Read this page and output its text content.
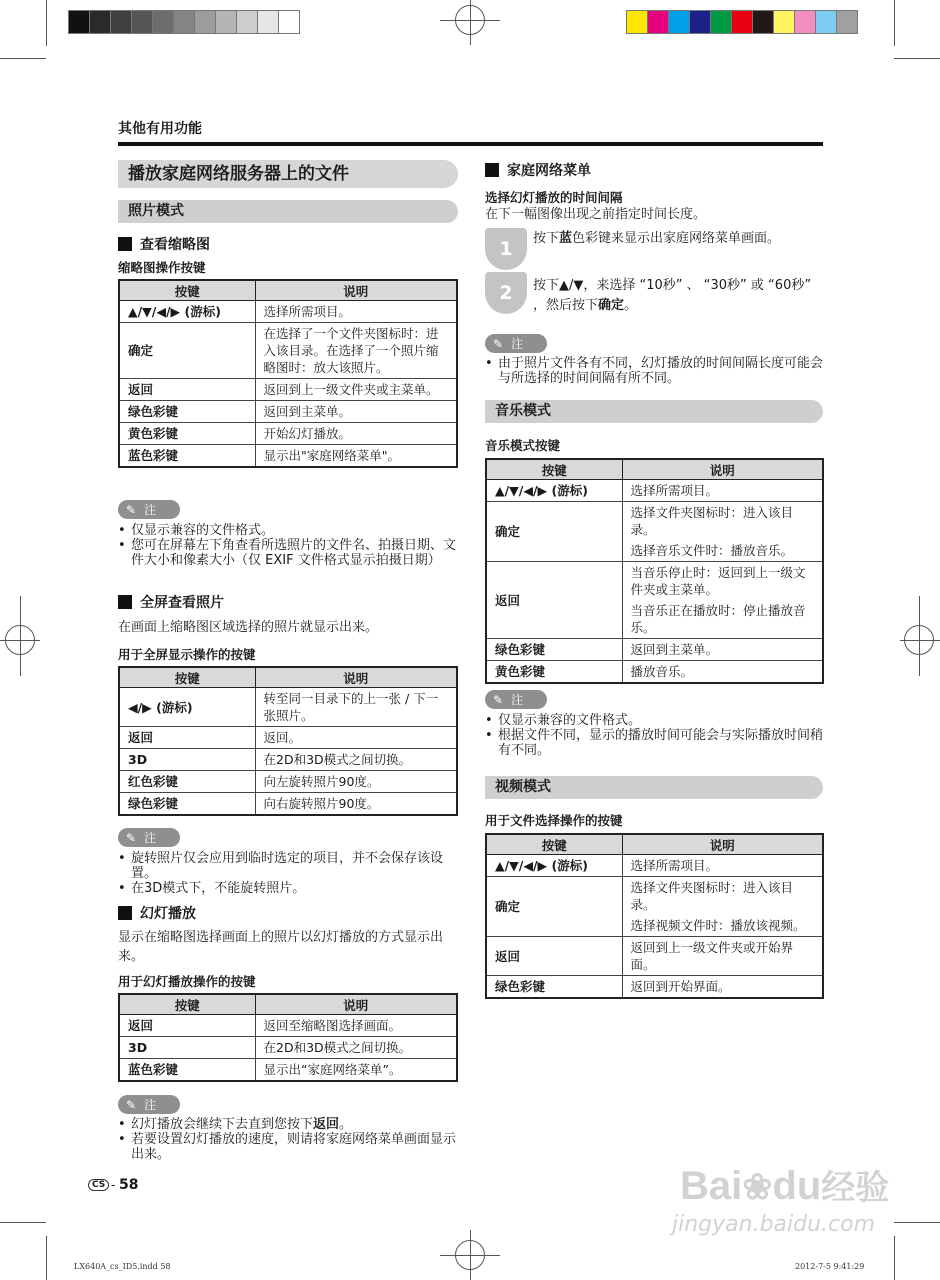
其他有用功能
播放家庭网络服务器上的文件
照片模式
查看缩略图
缩略图操作按键
按键	说明
▲/▼/◀/▶ (游标)	选择所需项目。
确定	在选择了一个文件夹图标时：进入该目录。在选择了一个照片缩略图时：放大该照片。
返回	返回到上一级文件夹或主菜单。
绿色彩键	返回到主菜单。
黄色彩键	开始幻灯播放。
蓝色彩键	显示出"家庭网络菜单"。
✎ 注
• 仅显示兼容的文件格式。
• 您可在屏幕左下角查看所选照片的文件名、拍摄日期、文件大小和像素大小（仅 EXIF 文件格式显示拍摄日期）
全屏查看照片
在画面上缩略图区域选择的照片就显示出来。
用于全屏显示操作的按键
按键	说明
◀/▶ (游标)	转至同一目录下的上一张 / 下一张照片。
返回	返回。
3D	在2D和3D模式之间切换。
红色彩键	向左旋转照片90度。
绿色彩键	向右旋转照片90度。
✎ 注
• 旋转照片仅会应用到临时选定的项目，并不会保存该设置。
• 在3D模式下，不能旋转照片。
幻灯播放
显示在缩略图选择画面上的照片以幻灯播放的方式显示出来。
用于幻灯播放操作的按键
按键	说明
返回	返回至缩略图选择画面。
3D	在2D和3D模式之间切换。
蓝色彩键	显示出“家庭网络菜单”。
✎ 注
• 幻灯播放会继续下去直到您按下返回。
• 若要设置幻灯播放的速度，则请将家庭网络菜单画面显示出来。
CS - 58
家庭网络菜单
选择幻灯播放的时间间隔
在下一幅图像出现之前指定时间长度。
1	按下蓝色彩键来显示出家庭网络菜单画面。
2	按下▲/▼，来选择 “10秒” 、 “30秒” 或 “60秒” ，然后按下确定。
✎ 注
• 由于照片文件各有不同，幻灯播放的时间间隔长度可能会与所选择的时间间隔有所不同。
音乐模式
音乐模式按键
按键	说明
▲/▼/◀/▶ (游标)	选择所需项目。

确定	选择文件夹图标时：进入该目录。
选择音乐文件时：播放音乐。

返回	当音乐停止时：返回到上一级文件夹或主菜单。
当音乐正在播放时：停止播放音乐。

绿色彩键	返回到主菜单。

黄色彩键	播放音乐。
✎ 注
• 仅显示兼容的文件格式。
• 根据文件不同，显示的播放时间可能会与实际播放时间稍有不同。
视频模式
用于文件选择操作的按键
按键	说明
▲/▼/◀/▶ (游标)	选择所需项目。

确定	选择文件夹图标时：进入该目录。
选择视频文件时：播放该视频。

返回	返回到上一级文件夹或开始界面。

绿色彩键	返回到开始界面。
Bai❀du经验
jingyan.baidu.com
LX640A_cs_ID5.indd 58	2012-7-5 9:41:29
